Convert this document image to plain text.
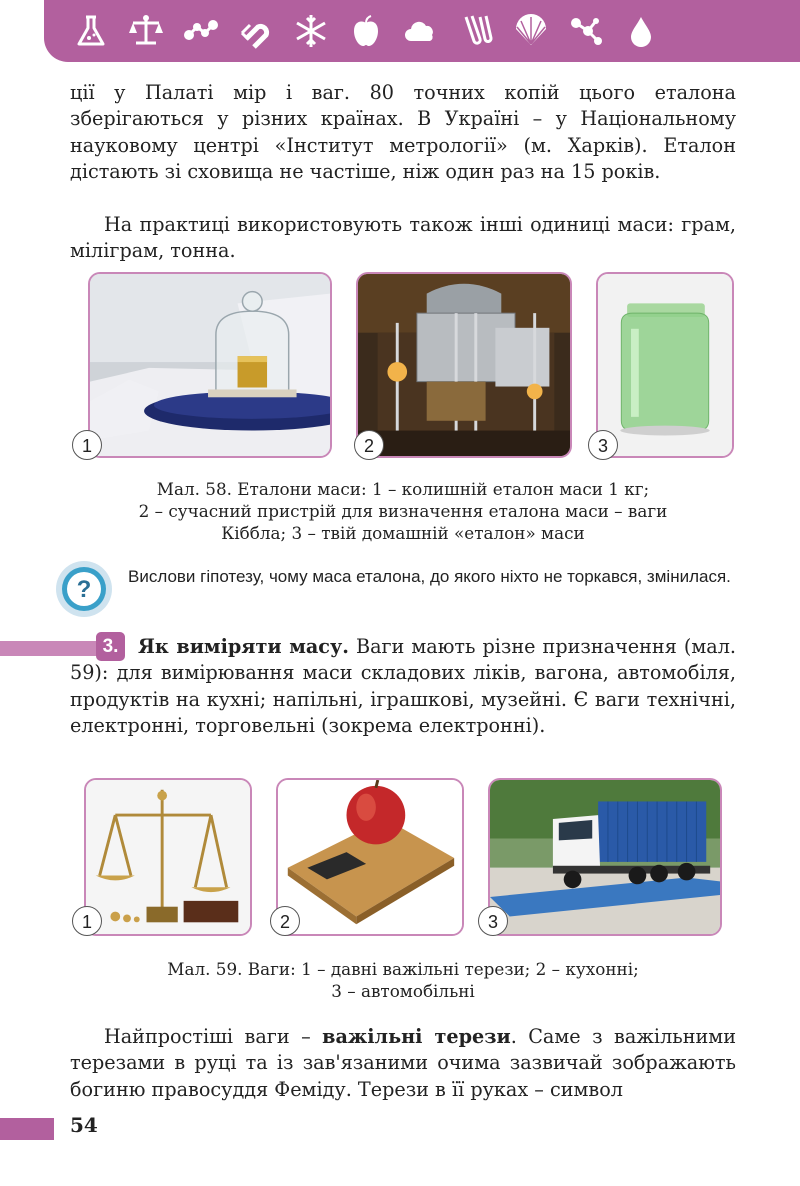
ції у Палаті мір і ваг. 80 точних копій цього еталона зберігаються у різних країнах. В Україні – у Національному науковому центрі «Інститут метрології» (м. Харків). Еталон дістають зі сховища не частіше, ніж один раз на 15 років.

На практиці використовують також інші одиниці маси: грам, міліграм, тонна.

1	2	3

Мал. 58. Еталони маси: 1 – колишній еталон маси 1 кг;

2 – сучасний пристрій для визначення еталона маси – ваги

Кіббла; 3 – твій домашній «еталон» маси

? Вислови гіпотезу, чому маса еталона, до якого ніхто не торкався, змінилася.

3.	Як виміряти масу. Ваги мають різне призначення (мал. 59): для вимірювання маси складових ліків, вагона, автомобіля, продуктів на кухні; напільні, іграшкові, музейні. Є ваги технічні, електронні, торговельні (зокрема електронні).

1	2	3

Мал. 59. Ваги: 1 – давні важільні терези; 2 – кухонні;

3 – автомобільні

Найпростіші ваги – важільні терези. Саме з важільними терезами в руці та із зав'язаними очима зазвичай зображають богиню правосуддя Феміду. Терези в її руках – символ

54
